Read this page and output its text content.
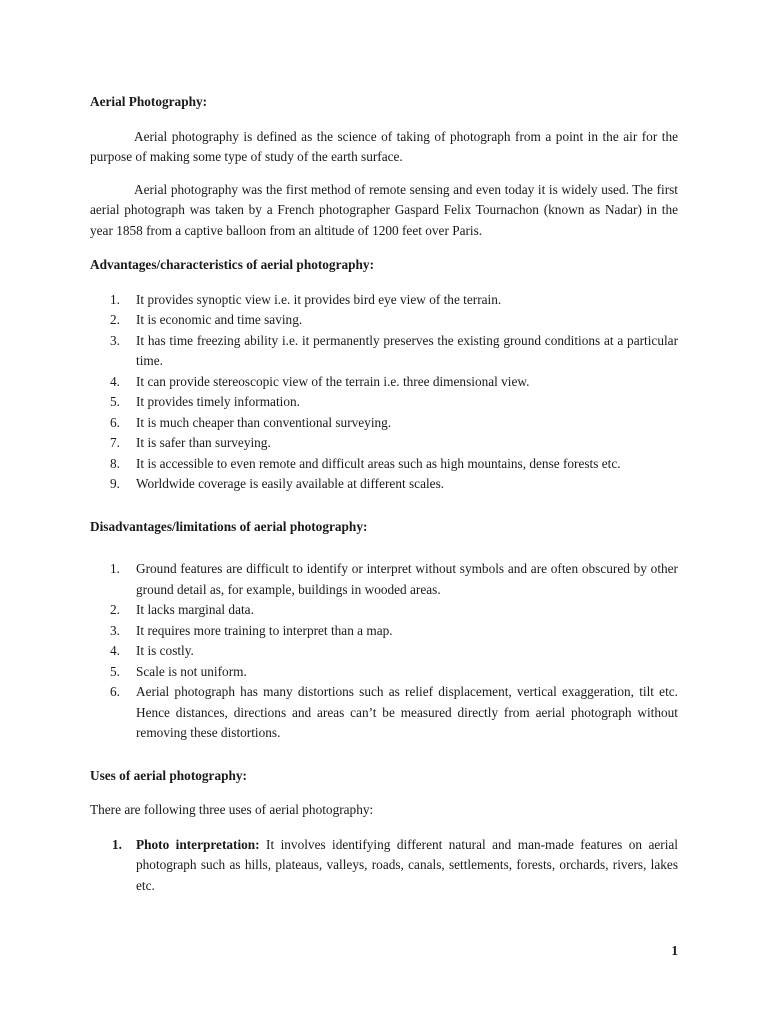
Aerial Photography:

Aerial photography is defined as the science of taking of photograph from a point in the air for the purpose of making some type of study of the earth surface.

Aerial photography was the first method of remote sensing and even today it is widely used. The first aerial photograph was taken by a French photographer Gaspard Felix Tournachon (known as Nadar) in the year 1858 from a captive balloon from an altitude of 1200 feet over Paris.

Advantages/characteristics of aerial photography:
1.	It provides synoptic view i.e. it provides bird eye view of the terrain.
2.	It is economic and time saving.
3.	It has time freezing ability i.e. it permanently preserves the existing ground conditions at a particular time.
4.	It can provide stereoscopic view of the terrain i.e. three dimensional view.
5.	It provides timely information.
6.	It is much cheaper than conventional surveying.
7.	It is safer than surveying.
8.	It is accessible to even remote and difficult areas such as high mountains, dense forests etc.
9.	Worldwide coverage is easily available at different scales.
Disadvantages/limitations of aerial photography:
1.	Ground features are difficult to identify or interpret without symbols and are often obscured by other ground detail as, for example, buildings in wooded areas.
2.	It lacks marginal data.
3.	It requires more training to interpret than a map.
4.	It is costly.
5.	Scale is not uniform.
6.	Aerial photograph has many distortions such as relief displacement, vertical exaggeration, tilt etc. Hence distances, directions and areas can’t be measured directly from aerial photograph without removing these distortions.
Uses of aerial photography:

There are following three uses of aerial photography:

1.	Photo interpretation: It involves identifying different natural and man-made features on aerial photograph such as hills, plateaus, valleys, roads, canals, settlements, forests, orchards, rivers, lakes etc.
1
